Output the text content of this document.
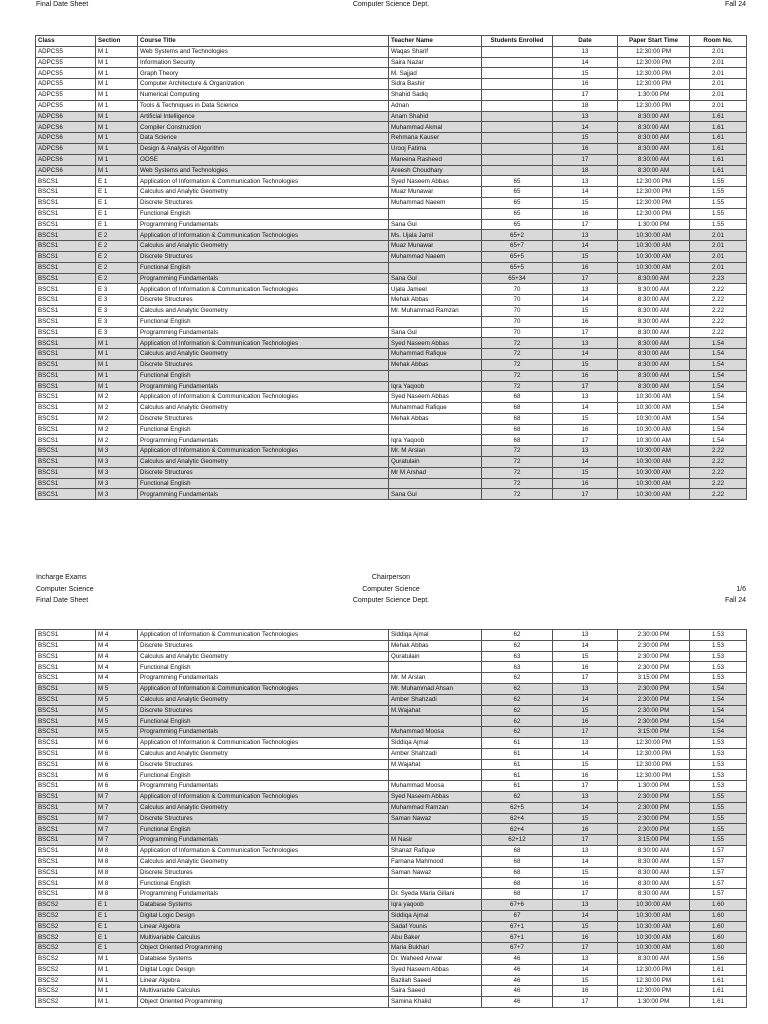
Final Date Sheet	Computer Science Dept.	Fall 24
Class	Section	Course Title	Teacher Name	Students Enrolled	Date	Paper Start Time	Room No.
ADPCS5	M 1	Web Systems and Technologies	Waqas Sharif		13	12:30:00 PM	2.01
ADPCS5	M 1	Information Security	Saira Nazar		14	12:30:00 PM	2.01
ADPCS5	M 1	Graph Theory	M. Sajjad		15	12:30:00 PM	2.01
ADPCS5	M 1	Computer Architecture & Organization	Sidra Bashir		16	12:30:00 PM	2.01
ADPCS5	M 1	Numerical Computing	Shahid Sadiq		17	1:30:00 PM	2.01
ADPCS5	M 1	Tools & Techniques in Data Science	Adnan		18	12:30:00 PM	2.01
ADPCS6	M 1	Artificial Intelligence	Anam Shahid		13	8:30:00 AM	1.61
ADPCS6	M 1	Compiler Construction	Muhammad Akmal		14	8:30:00 AM	1.61
ADPCS6	M 1	Data Science	Rehmana Kauser		15	8:30:00 AM	1.61
ADPCS6	M 1	Design & Analysis of Algorithm	Urooj Fatima		16	8:30:00 AM	1.61
ADPCS6	M 1	OOSE	Mareena Rasheed		17	8:30:00 AM	1.61
ADPCS6	M 1	Web Systems and Technologies	Areesh Choudhary		18	8:30:00 AM	1.61
BSCS1	E 1	Application of Information & Communication Technologies	Syed Naseem Abbas	65	13	12:30:00 PM	1.55
BSCS1	E 1	Calculus and Analytic Geometry	Muaz Munawar	65	14	12:30:00 PM	1.55
BSCS1	E 1	Discrete Structures	Muhammad Naeem	65	15	12:30:00 PM	1.55
BSCS1	E 1	Functional English		65	16	12:30:00 PM	1.55
BSCS1	E 1	Programming Fundamentals	Sana Gul	65	17	1:30:00 PM	1.55
BSCS1	E 2	Application of Information & Communication Technologies	Ms. Ujala Jamil	65+2	13	10:30:00 AM	2.01
BSCS1	E 2	Calculus and Analytic Geometry	Muaz Munawar	65+7	14	10:30:00 AM	2.01
BSCS1	E 2	Discrete Structures	Muhammad Naeem	65+5	15	10:30:00 AM	2.01
BSCS1	E 2	Functional English		65+5	16	10:30:00 AM	2.01
BSCS1	E 2	Programming Fundamentals	Sana Gul	65+34	17	8:30:00 AM	2.23
BSCS1	E 3	Application of Information & Communication Technologies	Ujala Jameel	70	13	8:30:00 AM	2.22
BSCS1	E 3	Discrete Structures	Mehak Abbas	70	14	8:30:00 AM	2.22
BSCS1	E 3	Calculus and Analytic Geometry	Mr. Muhammad Ramzan	70	15	8:30:00 AM	2.22
BSCS1	E 3	Functional English		70	16	8:30:00 AM	2.22
BSCS1	E 3	Programming Fundamentals	Sana Gul	70	17	8:30:00 AM	2.22
BSCS1	M 1	Application of Information & Communication Technologies	Syed Naseem Abbas	72	13	8:30:00 AM	1.54
BSCS1	M 1	Calculus and Analytic Geometry	Muhammad Rafique	72	14	8:30:00 AM	1.54
BSCS1	M 1	Discrete Structures	Mehak Abbas	72	15	8:30:00 AM	1.54
BSCS1	M 1	Functional English		72	16	8:30:00 AM	1.54
BSCS1	M 1	Programming Fundamentals	Iqra Yaqoob	72	17	8:30:00 AM	1.54
BSCS1	M 2	Application of Information & Communication Technologies	Syed Naseem Abbas	68	13	10:30:00 AM	1.54
BSCS1	M 2	Calculus and Analytic Geometry	Muhammad Rafique	68	14	10:30:00 AM	1.54
BSCS1	M 2	Discrete Structures	Mehak Abbas	68	15	10:30:00 AM	1.54
BSCS1	M 2	Functional English		68	16	10:30:00 AM	1.54
BSCS1	M 2	Programming Fundamentals	Iqra Yaqoob	68	17	10:30:00 AM	1.54
BSCS1	M 3	Application of Information & Communication Technologies	Mr. M Arslan	72	13	10:30:00 AM	2.22
BSCS1	M 3	Calculus and Analytic Geometry	Quratulain	72	14	10:30:00 AM	2.22
BSCS1	M 3	Discrete Structures	Mr M Arshad	72	15	10:30:00 AM	2.22
BSCS1	M 3	Functional English		72	16	10:30:00 AM	2.22
BSCS1	M 3	Programming Fundamentals	Sana Gul	72	17	10:30:00 AM	2.22
Incharge Exams
Computer Science
Final Date Sheet
Chairperson
Computer Science
Computer Science Dept.

1/6
Fall 24
BSCS1	M 4	Application of Information & Communication Technologies	Siddiqa Ajmal	62	13	2:30:00 PM	1.53
BSCS1	M 4	Discrete Structures	Mehak Abbas	62	14	2:30:00 PM	1.53
BSCS1	M 4	Calculus and Analytic Geometry	Quratulain	63	15	2:30:00 PM	1.53
BSCS1	M 4	Functional English		63	16	2:30:00 PM	1.53
BSCS1	M 4	Programming Fundamentals	Mr. M Arslan	62	17	3:15:00 PM	1.53
BSCS1	M 5	Application of Information & Communication Technologies	Mr. Muhammad Ahsan	62	13	2:30:00 PM	1.54
BSCS1	M 5	Calculus and Analytic Geometry	Amber Shahzadi	62	14	2:30:00 PM	1.54
BSCS1	M 5	Discrete Structures	M.Wajahat	62	15	2:30:00 PM	1.54
BSCS1	M 5	Functional English		62	16	2:30:00 PM	1.54
BSCS1	M 5	Programming Fundamentals	Muhammad Moosa	62	17	3:15:00 PM	1.54
BSCS1	M 6	Application of Information & Communication Technologies	Siddiqa Ajmal	61	13	12:30:00 PM	1.53
BSCS1	M 6	Calculus and Analytic Geometry	Amber Shahzadi	61	14	12:30:00 PM	1.53
BSCS1	M 6	Discrete Structures	M.Wajahat	61	15	12:30:00 PM	1.53
BSCS1	M 6	Functional English		61	16	12:30:00 PM	1.53
BSCS1	M 6	Programming Fundamentals	Muhammad Moosa	61	17	1:30:00 PM	1.53
BSCS1	M 7	Application of Information & Communication Technologies	Syed Naseem Abbas	62	13	2:30:00 PM	1.55
BSCS1	M 7	Calculus and Analytic Geometry	Muhammad Ramzan	62+5	14	2:30:00 PM	1.55
BSCS1	M 7	Discrete Structures	Saman Nawaz	62+4	15	2:30:00 PM	1.55
BSCS1	M 7	Functional English		62+4	16	2:30:00 PM	1.55
BSCS1	M 7	Programming Fundamentals	M Nasir	62+12	17	3:15:00 PM	1.55
BSCS1	M 8	Application of Information & Communication Technologies	Shanaz Rafique	68	13	8:30:00 AM	1.57
BSCS1	M 8	Calculus and Analytic Geometry	Farnana Mahmood	68	14	8:30:00 AM	1.57
BSCS1	M 8	Discrete Structures	Saman Nawaz	68	15	8:30:00 AM	1.57
BSCS1	M 8	Functional English		68	16	8:30:00 AM	1.57
BSCS1	M 8	Programming Fundamentals	Dr. Syeda Maria Gillani	68	17	8:30:00 AM	1.57
BSCS2	E 1	Database Systems	Iqra yaqoob	67+6	13	10:30:00 AM	1.60
BSCS2	E 1	Digital Logic Design	Siddiqa Ajmal	67	14	10:30:00 AM	1.60
BSCS2	E 1	Linear Algebra	Sadaf Younis	67+1	15	10:30:00 AM	1.60
BSCS2	E 1	Multivariable Calculus	Abu Baker	67+1	16	10:30:00 AM	1.60
BSCS2	E 1	Object Oriented Programming	Maria Bukhari	67+7	17	10:30:00 AM	1.60
BSCS2	M 1	Database Systems	Dr. Waheed Anwar	46	13	8:30:00 AM	1.56
BSCS2	M 1	Digital Logic Design	Syed Naseem Abbas	46	14	12:30:00 PM	1.61
BSCS2	M 1	Linear Algebra	Bazilah Saeed	46	15	12:30:00 PM	1.61
BSCS2	M 1	Multivariable Calculus	Saira Saeed	46	16	12:30:00 PM	1.61
BSCS2	M 1	Object Oriented Programming	Samina Khalid	46	17	1:30:00 PM	1.61
